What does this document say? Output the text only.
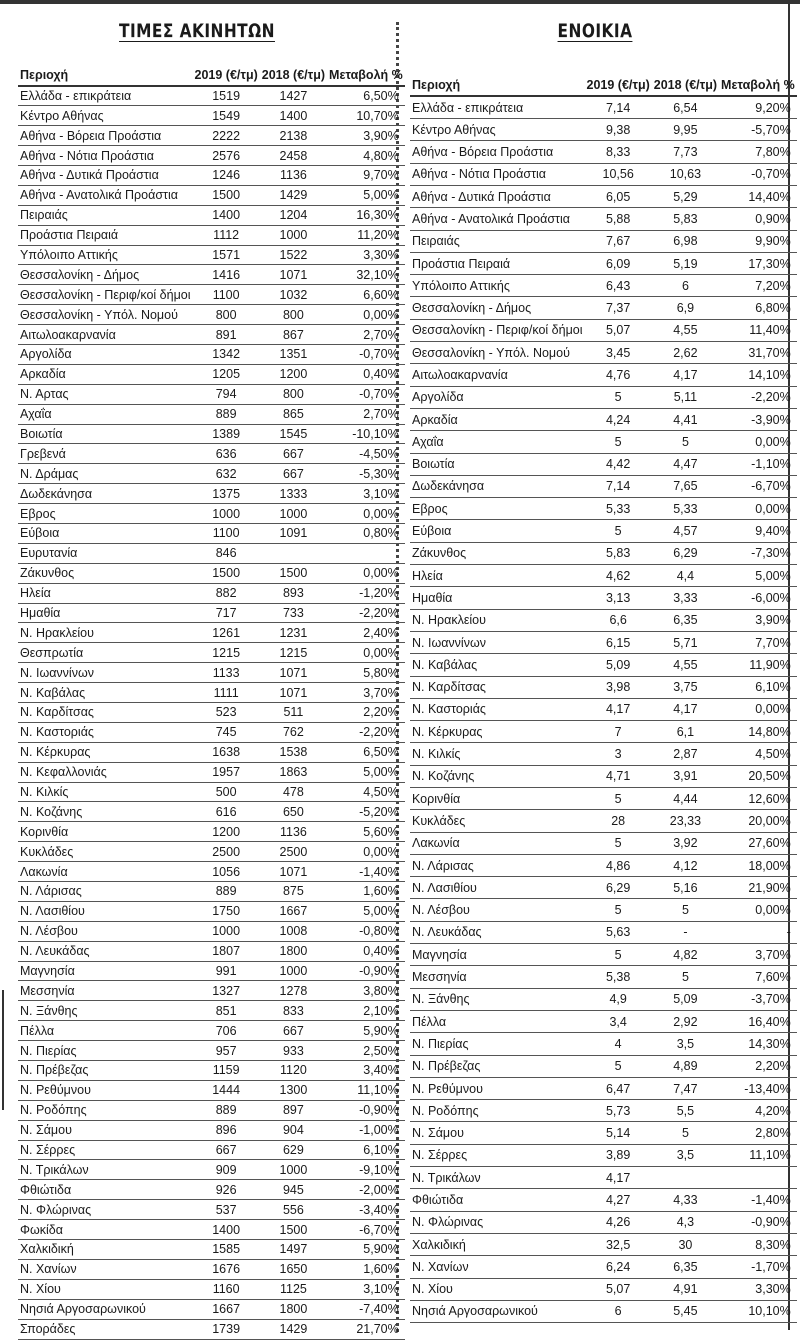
ΤΙΜΕΣ ΑΚΙΝΗΤΩΝ
Περιοχή	2019 (€/τμ)	2018 (€/τμ)	Μεταβολή %
Ελλάδα - επικράτεια	1519	1427	6,50%
Κέντρο Αθήνας	1549	1400	10,70%
Αθήνα - Βόρεια Προάστια	2222	2138	3,90%
Αθήνα - Νότια Προάστια	2576	2458	4,80%
Αθήνα - Δυτικά Προάστια	1246	1136	9,70%
Αθήνα - Ανατολικά Προάστια	1500	1429	5,00%
Πειραιάς	1400	1204	16,30%
Προάστια Πειραιά	1112	1000	11,20%
Υπόλοιπο Αττικής	1571	1522	3,30%
Θεσσαλονίκη - Δήμος	1416	1071	32,10%
Θεσσαλονίκη - Περιφ/κοί δήμοι	1100	1032	6,60%
Θεσσαλονίκη - Υπόλ. Νομού	800	800	0,00%
Αιτωλοακαρνανία	891	867	2,70%
Αργολίδα	1342	1351	-0,70%
Αρκαδία	1205	1200	0,40%
Ν. Αρτας	794	800	-0,70%
Αχαΐα	889	865	2,70%
Βοιωτία	1389	1545	-10,10%
Γρεβενά	636	667	-4,50%
Ν. Δράμας	632	667	-5,30%
Δωδεκάνησα	1375	1333	3,10%
Εβρος	1000	1000	0,00%
Εύβοια	1100	1091	0,80%
Ευρυτανία	846		
Ζάκυνθος	1500	1500	0,00%
Ηλεία	882	893	-1,20%
Ημαθία	717	733	-2,20%
Ν. Ηρακλείου	1261	1231	2,40%
Θεσπρωτία	1215	1215	0,00%
Ν. Ιωαννίνων	1133	1071	5,80%
Ν. Καβάλας	1111	1071	3,70%
Ν. Καρδίτσας	523	511	2,20%
Ν. Καστοριάς	745	762	-2,20%
Ν. Κέρκυρας	1638	1538	6,50%
Ν. Κεφαλλονιάς	1957	1863	5,00%
Ν. Κιλκίς	500	478	4,50%
Ν. Κοζάνης	616	650	-5,20%
Κορινθία	1200	1136	5,60%
Κυκλάδες	2500	2500	0,00%
Λακωνία	1056	1071	-1,40%
Ν. Λάρισας	889	875	1,60%
Ν. Λασιθίου	1750	1667	5,00%
Ν. Λέσβου	1000	1008	-0,80%
Ν. Λευκάδας	1807	1800	0,40%
Μαγνησία	991	1000	-0,90%
Μεσσηνία	1327	1278	3,80%
Ν. Ξάνθης	851	833	2,10%
Πέλλα	706	667	5,90%
Ν. Πιερίας	957	933	2,50%
Ν. Πρέβεζας	1159	1120	3,40%
Ν. Ρεθύμνου	1444	1300	11,10%
Ν. Ροδόπης	889	897	-0,90%
Ν. Σάμου	896	904	-1,00%
Ν. Σέρρες	667	629	6,10%
Ν. Τρικάλων	909	1000	-9,10%
Φθιώτιδα	926	945	-2,00%
Ν. Φλώρινας	537	556	-3,40%
Φωκίδα	1400	1500	-6,70%
Χαλκιδική	1585	1497	5,90%
Ν. Χανίων	1676	1650	1,60%
Ν. Χίου	1160	1125	3,10%
Νησιά Αργοσαρωνικού	1667	1800	-7,40%
Σποράδες	1739	1429	21,70%
ΕΝΟΙΚΙΑ
Περιοχή	2019 (€/τμ)	2018 (€/τμ)	Μεταβολή %
Ελλάδα - επικράτεια	7,14	6,54	9,20%
Κέντρο Αθήνας	9,38	9,95	-5,70%
Αθήνα - Βόρεια Προάστια	8,33	7,73	7,80%
Αθήνα - Νότια Προάστια	10,56	10,63	-0,70%
Αθήνα - Δυτικά Προάστια	6,05	5,29	14,40%
Αθήνα - Ανατολικά Προάστια	5,88	5,83	0,90%
Πειραιάς	7,67	6,98	9,90%
Προάστια Πειραιά	6,09	5,19	17,30%
Υπόλοιπο Αττικής	6,43	6	7,20%
Θεσσαλονίκη - Δήμος	7,37	6,9	6,80%
Θεσσαλονίκη - Περιφ/κοί δήμοι	5,07	4,55	11,40%
Θεσσαλονίκη - Υπόλ. Νομού	3,45	2,62	31,70%
Αιτωλοακαρνανία	4,76	4,17	14,10%
Αργολίδα	5	5,11	-2,20%
Αρκαδία	4,24	4,41	-3,90%
Αχαΐα	5	5	0,00%
Βοιωτία	4,42	4,47	-1,10%
Δωδεκάνησα	7,14	7,65	-6,70%
Εβρος	5,33	5,33	0,00%
Εύβοια	5	4,57	9,40%
Ζάκυνθος	5,83	6,29	-7,30%
Ηλεία	4,62	4,4	5,00%
Ημαθία	3,13	3,33	-6,00%
Ν. Ηρακλείου	6,6	6,35	3,90%
Ν. Ιωαννίνων	6,15	5,71	7,70%
Ν. Καβάλας	5,09	4,55	11,90%
Ν. Καρδίτσας	3,98	3,75	6,10%
Ν. Καστοριάς	4,17	4,17	0,00%
Ν. Κέρκυρας	7	6,1	14,80%
Ν. Κιλκίς	3	2,87	4,50%
Ν. Κοζάνης	4,71	3,91	20,50%
Κορινθία	5	4,44	12,60%
Κυκλάδες	28	23,33	20,00%
Λακωνία	5	3,92	27,60%
Ν. Λάρισας	4,86	4,12	18,00%
Ν. Λασιθίου	6,29	5,16	21,90%
Ν. Λέσβου	5	5	0,00%
Ν. Λευκάδας	5,63	-	-
Μαγνησία	5	4,82	3,70%
Μεσσηνία	5,38	5	7,60%
Ν. Ξάνθης	4,9	5,09	-3,70%
Πέλλα	3,4	2,92	16,40%
Ν. Πιερίας	4	3,5	14,30%
Ν. Πρέβεζας	5	4,89	2,20%
Ν. Ρεθύμνου	6,47	7,47	-13,40%
Ν. Ροδόπης	5,73	5,5	4,20%
Ν. Σάμου	5,14	5	2,80%
Ν. Σέρρες	3,89	3,5	11,10%
Ν. Τρικάλων	4,17		
Φθιώτιδα	4,27	4,33	-1,40%
Ν. Φλώρινας	4,26	4,3	-0,90%
Χαλκιδική	32,5	30	8,30%
Ν. Χανίων	6,24	6,35	-1,70%
Ν. Χίου	5,07	4,91	3,30%
Νησιά Αργοσαρωνικού	6	5,45	10,10%
